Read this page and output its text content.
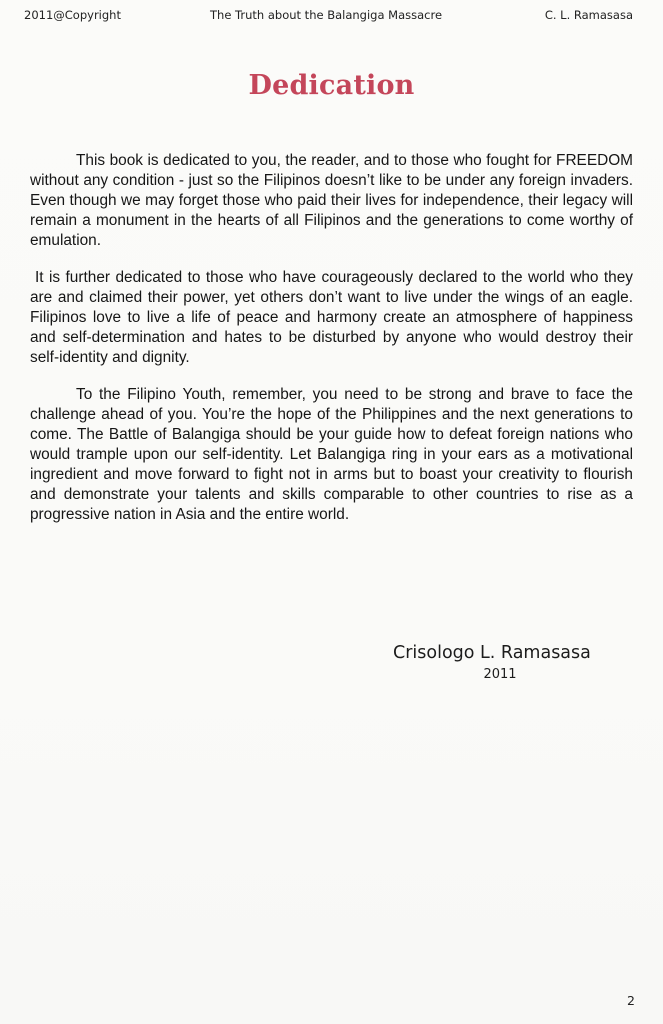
2011@Copyright	The Truth about the Balangiga Massacre	C. L. Ramasasa
Dedication
This book is dedicated to you, the reader, and to those who fought for FREEDOM without any condition - just so the Filipinos doesn’t like to be under any foreign invaders. Even though we may forget those who paid their lives for independence, their legacy will remain a monument in the hearts of all Filipinos and the generations to come worthy of emulation.
It is further dedicated to those who have courageously declared to the world who they are and claimed their power, yet others don’t want to live under the wings of an eagle. Filipinos love to live a life of peace and harmony create an atmosphere of happiness and self-determination and hates to be disturbed by anyone who would destroy their self-identity and dignity.
To the Filipino Youth, remember, you need to be strong and brave to face the challenge ahead of you. You’re the hope of the Philippines and the next generations to come. The Battle of Balangiga should be your guide how to defeat foreign nations who would trample upon our self-identity. Let Balangiga ring in your ears as a motivational ingredient and move forward to fight not in arms but to boast your creativity to flourish and demonstrate your talents and skills comparable to other countries to rise as a progressive nation in Asia and the entire world.
Crisologo L. Ramasasa
2011
2
